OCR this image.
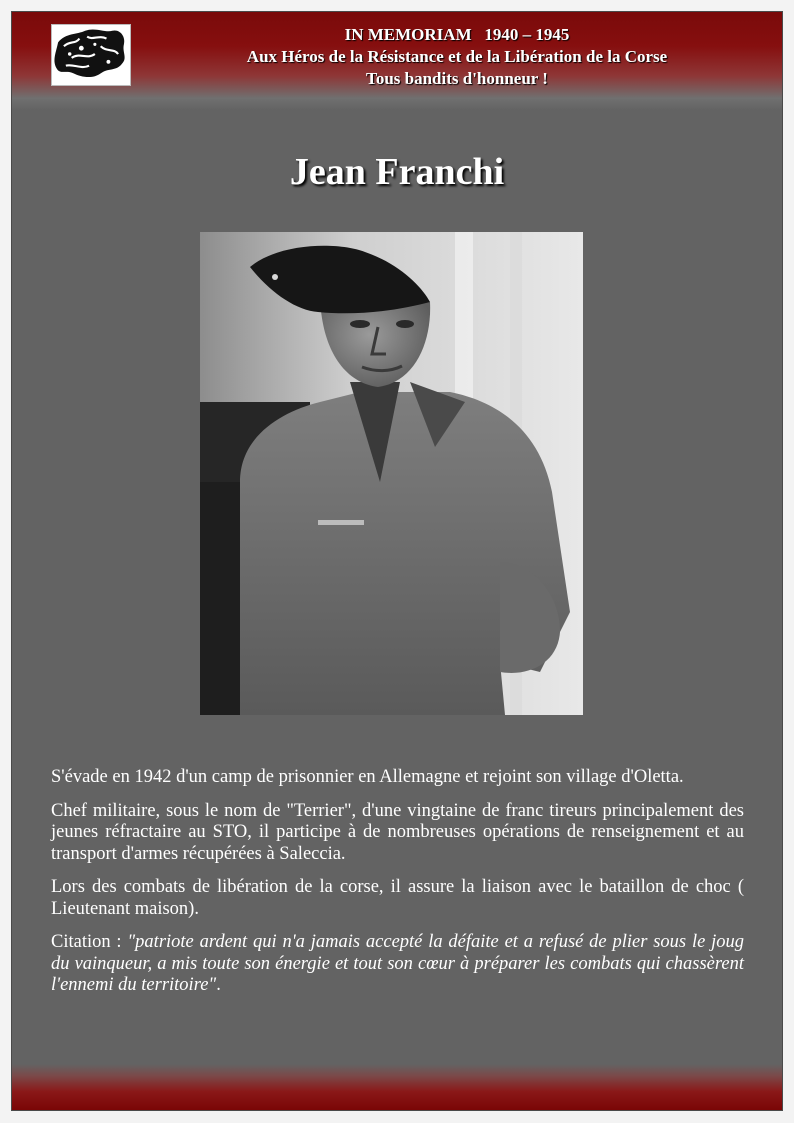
IN MEMORIAM   1940 – 1945
Aux Héros de la Résistance et de la Libération de la Corse
Tous bandits d'honneur !
Jean Franchi

S'évade en 1942 d'un camp de prisonnier en Allemagne et rejoint son village d'Oletta.

Chef militaire, sous le nom de "Terrier", d'une vingtaine de franc tireurs principalement des jeunes réfractaire au STO, il participe à de nombreuses opérations de renseignement et au transport d'armes récupérées à Saleccia.

Lors des combats de libération de la corse, il assure la liaison avec le bataillon de choc ( Lieutenant maison).

Citation : "patriote ardent qui n'a jamais accepté la défaite et a refusé de plier sous le joug du vainqueur, a mis toute son énergie et tout son cœur à préparer les combats qui chassèrent l'ennemi du territoire".
